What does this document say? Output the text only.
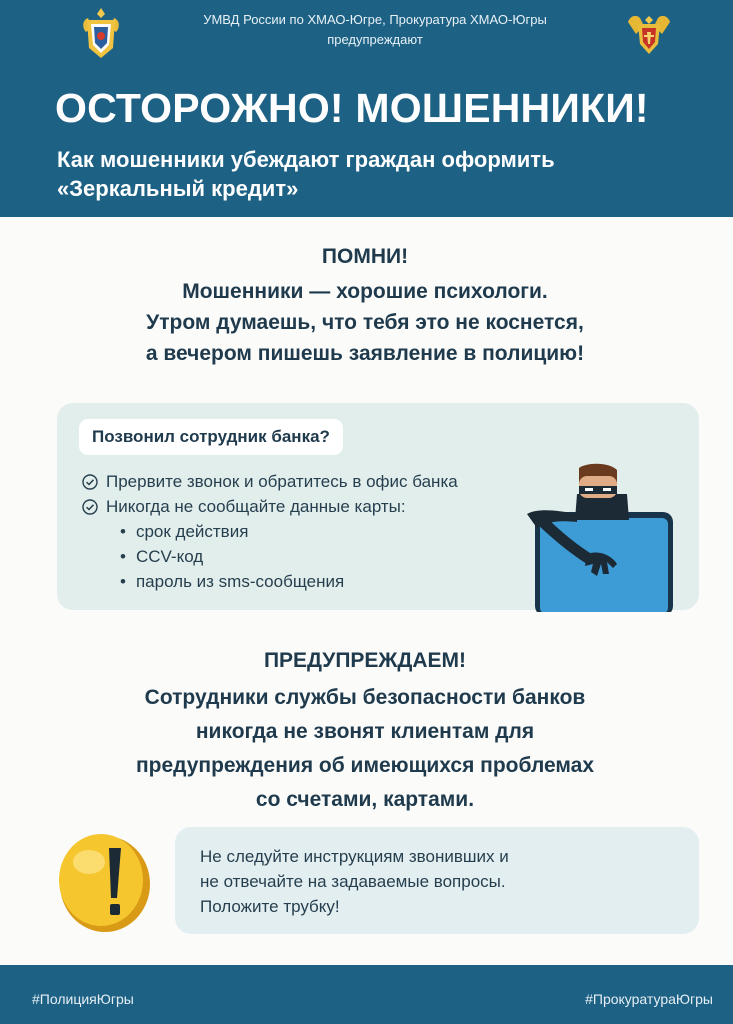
УМВД России по ХМАО-Югре, Прокуратура ХМАО-Югры
предупреждают
ОСТОРОЖНО! МОШЕННИКИ!
Как мошенники убеждают граждан оформить
«Зеркальный кредит»
ПОМНИ!
Мошенники — хорошие психологи.
Утром думаешь, что тебя это не коснется,
а вечером пишешь заявление в полицию!
Позвонил сотрудник банка?
Прервите звонок и обратитесь в офис банка
Никогда не сообщайте данные карты:
• срок действия
• CCV-код
• пароль из sms-сообщения
ПРЕДУПРЕЖДАЕМ!
Сотрудники службы безопасности банков
никогда не звонят клиентам для
предупреждения об имеющихся проблемах
со счетами, картами.
Не следуйте инструкциям звонивших и
не отвечайте на задаваемые вопросы.
Положите трубку!
#ПолицияЮгры	#ПрокуратураЮгры
